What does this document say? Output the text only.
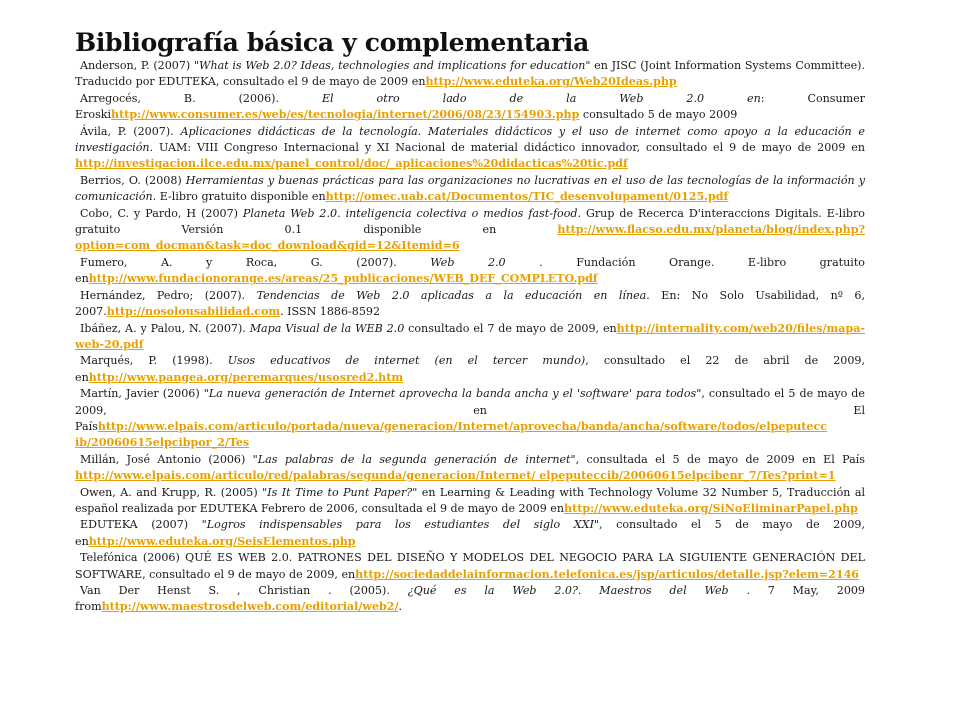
Bibliografía básica y complementaria

Anderson, P. (2007) "What is Web 2.0? Ideas, technologies and implications for education" en JISC (Joint Information Systems Committee). Traducido por EDUTEKA, consultado el 9 de mayo de 2009 enhttp://www.eduteka.org/Web20Ideas.php

Arregocés, B. (2006). El otro lado de la Web 2.0 en: Consumer Eroskihttp://www.consumer.es/web/es/tecnologia/internet/2006/08/23/154903.php consultado 5 de mayo 2009

Ávila, P. (2007). Aplicaciones didácticas de la tecnología. Materiales didácticos y el uso de internet como apoyo a la educación e investigación. UAM: VIII Congreso Internacional y XI Nacional de material didáctico innovador, consultado el 9 de mayo de 2009 en http://investigacion.ilce.edu.mx/panel_control/doc/_aplicaciones%20didacticas%20tic.pdf

Berrios, O. (2008) Herramientas y buenas prácticas para las organizaciones no lucrativas en el uso de las tecnologías de la información y comunicación. E-libro gratuito disponible enhttp://omec.uab.cat/Documentos/TIC_desenvolupament/0125.pdf

Cobo, C. y Pardo, H (2007) Planeta Web 2.0. inteligencia colectiva o medios fast-food. Grup de Recerca D'interaccions Digitals. E-libro gratuito Versión 0.1 disponible en http://www.flacso.edu.mx/planeta/blog/index.php?option=com_docman&task=doc_download&gid=12&Itemid=6

Fumero, A. y Roca, G. (2007). Web 2.0 . Fundación Orange. E-libro gratuito enhttp://www.fundacionorange.es/areas/25_publicaciones/WEB_DEF_COMPLETO.pdf

Hernández, Pedro; (2007). Tendencias de Web 2.0 aplicadas a la educación en línea. En: No Solo Usabilidad, nº 6, 2007.http://nosolousabilidad.com. ISSN 1886-8592

Ibáñez, A. y Palou, N. (2007). Mapa Visual de la WEB 2.0 consultado el 7 de mayo de 2009, enhttp://internality.com/web20/files/mapa-web-20.pdf

Marqués, P. (1998). Usos educativos de internet (en el tercer mundo), consultado el 22 de abril de 2009, enhttp://www.pangea.org/peremarques/usosred2.htm

Martín, Javier (2006) "La nueva generación de Internet aprovecha la banda ancha y el 'software' para todos", consultado el 5 de mayo de 2009, en El Paíshttp://www.elpais.com/articulo/portada/nueva/generacion/Internet/aprovecha/banda/ancha/software/todos/elpeputecc ib/20060615elpcibpor_2/Tes

Millán, José Antonio (2006) "Las palabras de la segunda generación de internet", consultada el 5 de mayo de 2009 en El País http://www.elpais.com/articulo/red/palabras/segunda/generacion/Internet/ elpeputeccib/20060615elpcibenr_7/Tes?print=1

Owen, A. and Krupp, R. (2005) "Is It Time to Punt Paper?" en Learning & Leading with Technology Volume 32 Number 5, Traducción al español realizada por EDUTEKA Febrero de 2006, consultada el 9 de mayo de 2009 enhttp://www.eduteka.org/SiNoEliminarPapel.php

EDUTEKA (2007) "Logros indispensables para los estudiantes del siglo XXI", consultado el 5 de mayo de 2009, enhttp://www.eduteka.org/SeisElementos.php

Telefónica (2006) QUÉ ES WEB 2.0. PATRONES DEL DISEÑO Y MODELOS DEL NEGOCIO PARA LA SIGUIENTE GENERACIÓN DEL SOFTWARE, consultado el 9 de mayo de 2009, enhttp://sociedaddelainformacion.telefonica.es/jsp/articulos/detalle.jsp?elem=2146

Van Der Henst S. , Christian . (2005). ¿Qué es la Web 2.0?. Maestros del Web . 7 May, 2009 fromhttp://www.maestrosdelweb.com/editorial/web2/.
